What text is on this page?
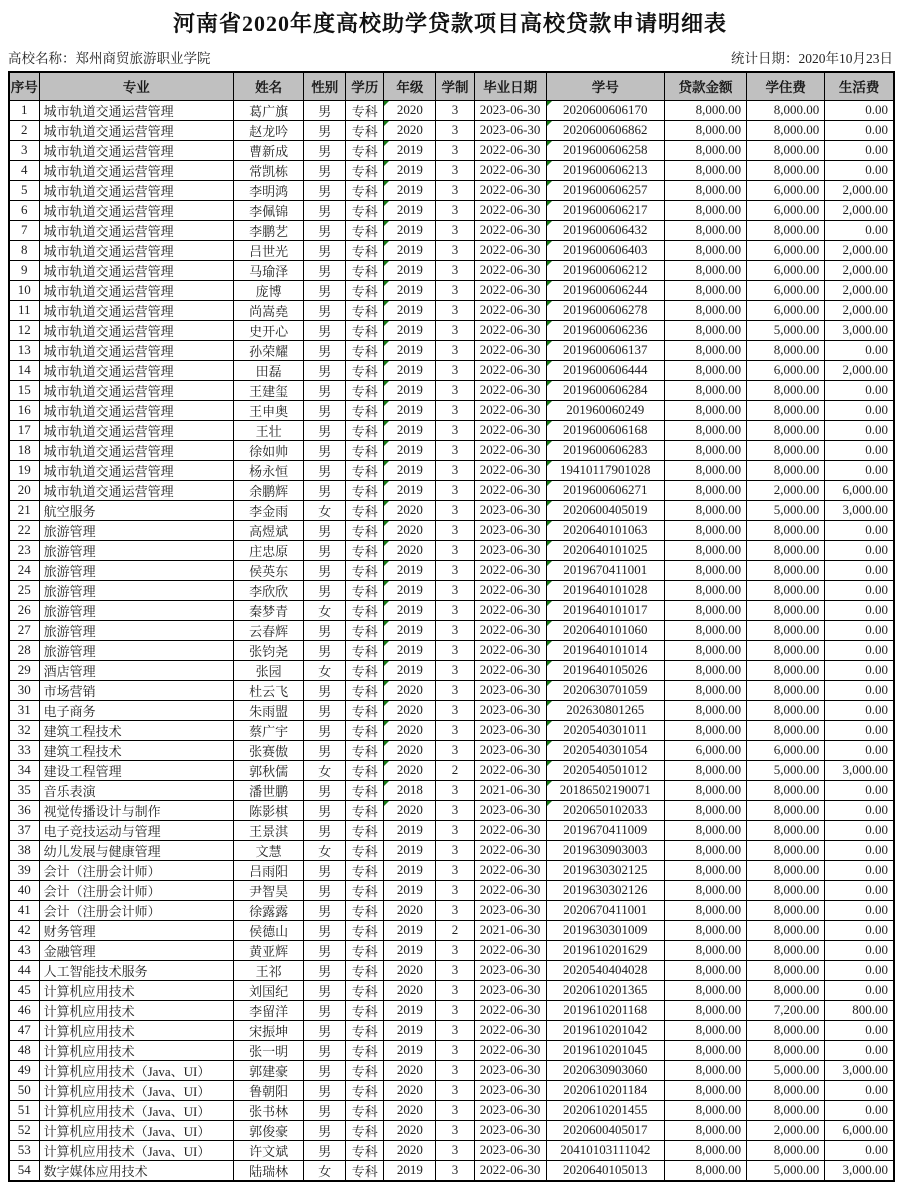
河南省2020年度高校助学贷款项目高校贷款申请明细表
高校名称：郑州商贸旅游职业学院	统计日期：2020年10月23日
序号	专业	姓名	性别	学历	年级	学制	毕业日期	学号	贷款金额	学住费	生活费
1	城市轨道交通运营管理	葛广旗	男	专科	2020	3	2023-06-30	2020600606170	8,000.00	8,000.00	0.00
2	城市轨道交通运营管理	赵龙吟	男	专科	2020	3	2023-06-30	2020600606862	8,000.00	8,000.00	0.00
3	城市轨道交通运营管理	曹新成	男	专科	2019	3	2022-06-30	2019600606258	8,000.00	8,000.00	0.00
4	城市轨道交通运营管理	常凯栋	男	专科	2019	3	2022-06-30	2019600606213	8,000.00	8,000.00	0.00
5	城市轨道交通运营管理	李明鸿	男	专科	2019	3	2022-06-30	2019600606257	8,000.00	6,000.00	2,000.00
6	城市轨道交通运营管理	李佩锦	男	专科	2019	3	2022-06-30	2019600606217	8,000.00	6,000.00	2,000.00
7	城市轨道交通运营管理	李鹏艺	男	专科	2019	3	2022-06-30	2019600606432	8,000.00	8,000.00	0.00
8	城市轨道交通运营管理	吕世光	男	专科	2019	3	2022-06-30	2019600606403	8,000.00	6,000.00	2,000.00
9	城市轨道交通运营管理	马瑜泽	男	专科	2019	3	2022-06-30	2019600606212	8,000.00	6,000.00	2,000.00
10	城市轨道交通运营管理	庞博	男	专科	2019	3	2022-06-30	2019600606244	8,000.00	6,000.00	2,000.00
11	城市轨道交通运营管理	尚嵩堯	男	专科	2019	3	2022-06-30	2019600606278	8,000.00	6,000.00	2,000.00
12	城市轨道交通运营管理	史开心	男	专科	2019	3	2022-06-30	2019600606236	8,000.00	5,000.00	3,000.00
13	城市轨道交通运营管理	孙荣耀	男	专科	2019	3	2022-06-30	2019600606137	8,000.00	8,000.00	0.00
14	城市轨道交通运营管理	田磊	男	专科	2019	3	2022-06-30	2019600606444	8,000.00	6,000.00	2,000.00
15	城市轨道交通运营管理	王建玺	男	专科	2019	3	2022-06-30	2019600606284	8,000.00	8,000.00	0.00
16	城市轨道交通运营管理	王申奥	男	专科	2019	3	2022-06-30	201960060249	8,000.00	8,000.00	0.00
17	城市轨道交通运营管理	王壮	男	专科	2019	3	2022-06-30	2019600606168	8,000.00	8,000.00	0.00
18	城市轨道交通运营管理	徐如帅	男	专科	2019	3	2022-06-30	2019600606283	8,000.00	8,000.00	0.00
19	城市轨道交通运营管理	杨永恒	男	专科	2019	3	2022-06-30	19410117901028	8,000.00	8,000.00	0.00
20	城市轨道交通运营管理	余鹏辉	男	专科	2019	3	2022-06-30	2019600606271	8,000.00	2,000.00	6,000.00
21	航空服务	李金雨	女	专科	2020	3	2023-06-30	2020600405019	8,000.00	5,000.00	3,000.00
22	旅游管理	高煜斌	男	专科	2020	3	2023-06-30	2020640101063	8,000.00	8,000.00	0.00
23	旅游管理	庄忠原	男	专科	2020	3	2023-06-30	2020640101025	8,000.00	8,000.00	0.00
24	旅游管理	侯英东	男	专科	2019	3	2022-06-30	2019670411001	8,000.00	8,000.00	0.00
25	旅游管理	李欣欣	男	专科	2019	3	2022-06-30	2019640101028	8,000.00	8,000.00	0.00
26	旅游管理	秦梦青	女	专科	2019	3	2022-06-30	2019640101017	8,000.00	8,000.00	0.00
27	旅游管理	云春辉	男	专科	2019	3	2022-06-30	2020640101060	8,000.00	8,000.00	0.00
28	旅游管理	张钧尧	男	专科	2019	3	2022-06-30	2019640101014	8,000.00	8,000.00	0.00
29	酒店管理	张园	女	专科	2019	3	2022-06-30	2019640105026	8,000.00	8,000.00	0.00
30	市场营销	杜云飞	男	专科	2020	3	2023-06-30	2020630701059	8,000.00	8,000.00	0.00
31	电子商务	朱雨盟	男	专科	2020	3	2023-06-30	202630801265	8,000.00	8,000.00	0.00
32	建筑工程技术	蔡广宇	男	专科	2020	3	2023-06-30	2020540301011	8,000.00	8,000.00	0.00
33	建筑工程技术	张赛傲	男	专科	2020	3	2023-06-30	2020540301054	6,000.00	6,000.00	0.00
34	建设工程管理	郭秋儒	女	专科	2020	2	2022-06-30	2020540501012	8,000.00	5,000.00	3,000.00
35	音乐表演	潘世鹏	男	专科	2018	3	2021-06-30	20186502190071	8,000.00	8,000.00	0.00
36	视觉传播设计与制作	陈影棋	男	专科	2020	3	2023-06-30	2020650102033	8,000.00	8,000.00	0.00
37	电子竞技运动与管理	王景淇	男	专科	2019	3	2022-06-30	2019670411009	8,000.00	8,000.00	0.00
38	幼儿发展与健康管理	文慧	女	专科	2019	3	2022-06-30	2019630903003	8,000.00	8,000.00	0.00
39	会计（注册会计师）	吕雨阳	男	专科	2019	3	2022-06-30	2019630302125	8,000.00	8,000.00	0.00
40	会计（注册会计师）	尹智昊	男	专科	2019	3	2022-06-30	2019630302126	8,000.00	8,000.00	0.00
41	会计（注册会计师）	徐露露	男	专科	2020	3	2023-06-30	2020670411001	8,000.00	8,000.00	0.00
42	财务管理	侯德山	男	专科	2019	2	2021-06-30	2019630301009	8,000.00	8,000.00	0.00
43	金融管理	黄亚辉	男	专科	2019	3	2022-06-30	2019610201629	8,000.00	8,000.00	0.00
44	人工智能技术服务	王祁	男	专科	2020	3	2023-06-30	2020540404028	8,000.00	8,000.00	0.00
45	计算机应用技术	刘国纪	男	专科	2020	3	2023-06-30	2020610201365	8,000.00	8,000.00	0.00
46	计算机应用技术	李留洋	男	专科	2019	3	2022-06-30	2019610201168	8,000.00	7,200.00	800.00
47	计算机应用技术	宋振坤	男	专科	2019	3	2022-06-30	2019610201042	8,000.00	8,000.00	0.00
48	计算机应用技术	张一明	男	专科	2019	3	2022-06-30	2019610201045	8,000.00	8,000.00	0.00
49	计算机应用技术（Java、UI）	郭建豪	男	专科	2020	3	2023-06-30	2020630903060	8,000.00	5,000.00	3,000.00
50	计算机应用技术（Java、UI）	鲁朝阳	男	专科	2020	3	2023-06-30	2020610201184	8,000.00	8,000.00	0.00
51	计算机应用技术（Java、UI）	张书林	男	专科	2020	3	2023-06-30	2020610201455	8,000.00	8,000.00	0.00
52	计算机应用技术（Java、UI）	郭俊豪	男	专科	2020	3	2023-06-30	2020600405017	8,000.00	2,000.00	6,000.00
53	计算机应用技术（Java、UI）	许文斌	男	专科	2020	3	2023-06-30	20410103111042	8,000.00	8,000.00	0.00
54	数字媒体应用技术	陆瑞林	女	专科	2019	3	2022-06-30	2020640105013	8,000.00	5,000.00	3,000.00
